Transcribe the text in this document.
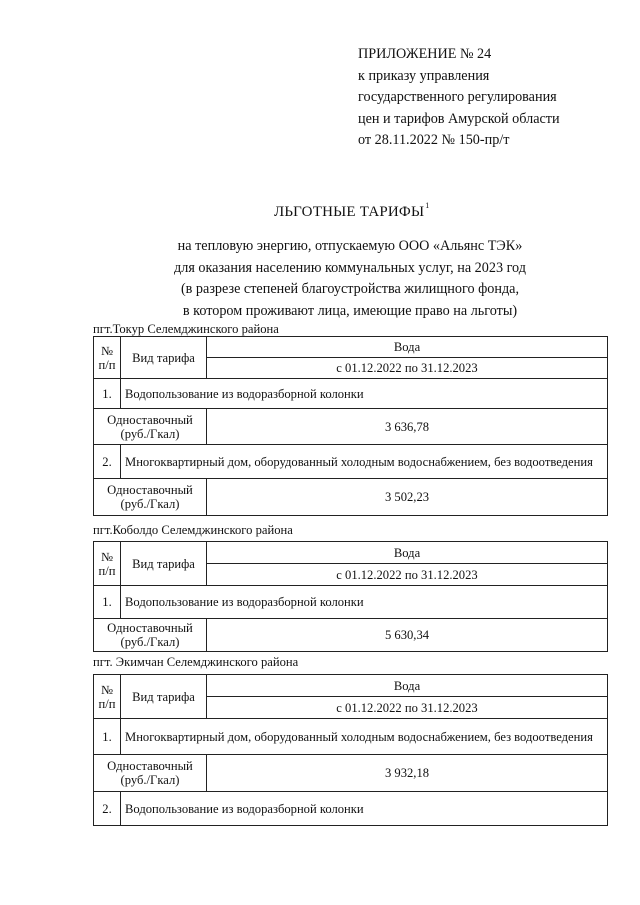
ПРИЛОЖЕНИЕ № 24
к приказу управления
государственного регулирования
цен и тарифов Амурской области
от 28.11.2022 № 150-пр/т
ЛЬГОТНЫЕ ТАРИФЫ$^1$
на тепловую энергию, отпускаемую ООО «Альянс ТЭК»
для оказания населению коммунальных услуг, на 2023 год
(в разрезе степеней благоустройства жилищного фонда,
в котором проживают лица, имеющие право на льготы)
пгт.Токур Селемджинского района
№ п/п	Вид тарифа	Вода
		с 01.12.2022 по 31.12.2023
1.	Водопользование из водоразборной колонки	
Одноставочный (руб./Гкал)		3 636,78
2.	Многоквартирный дом, оборудованный холодным водоснабжением, без водоотведения	
Одноставочный (руб./Гкал)		3 502,23
пгт.Коболдо Селемджинского района
№ п/п	Вид тарифа	Вода
		с 01.12.2022 по 31.12.2023
1.	Водопользование из водоразборной колонки	
Одноставочный (руб./Гкал)		5 630,34
пгт. Экимчан Селемджинского района
№ п/п	Вид тарифа	Вода
		с 01.12.2022 по 31.12.2023
1.	Многоквартирный дом, оборудованный холодным водоснабжением, без водоотведения	
Одноставочный (руб./Гкал)		3 932,18
2.	Водопользование из водоразборной колонки	
